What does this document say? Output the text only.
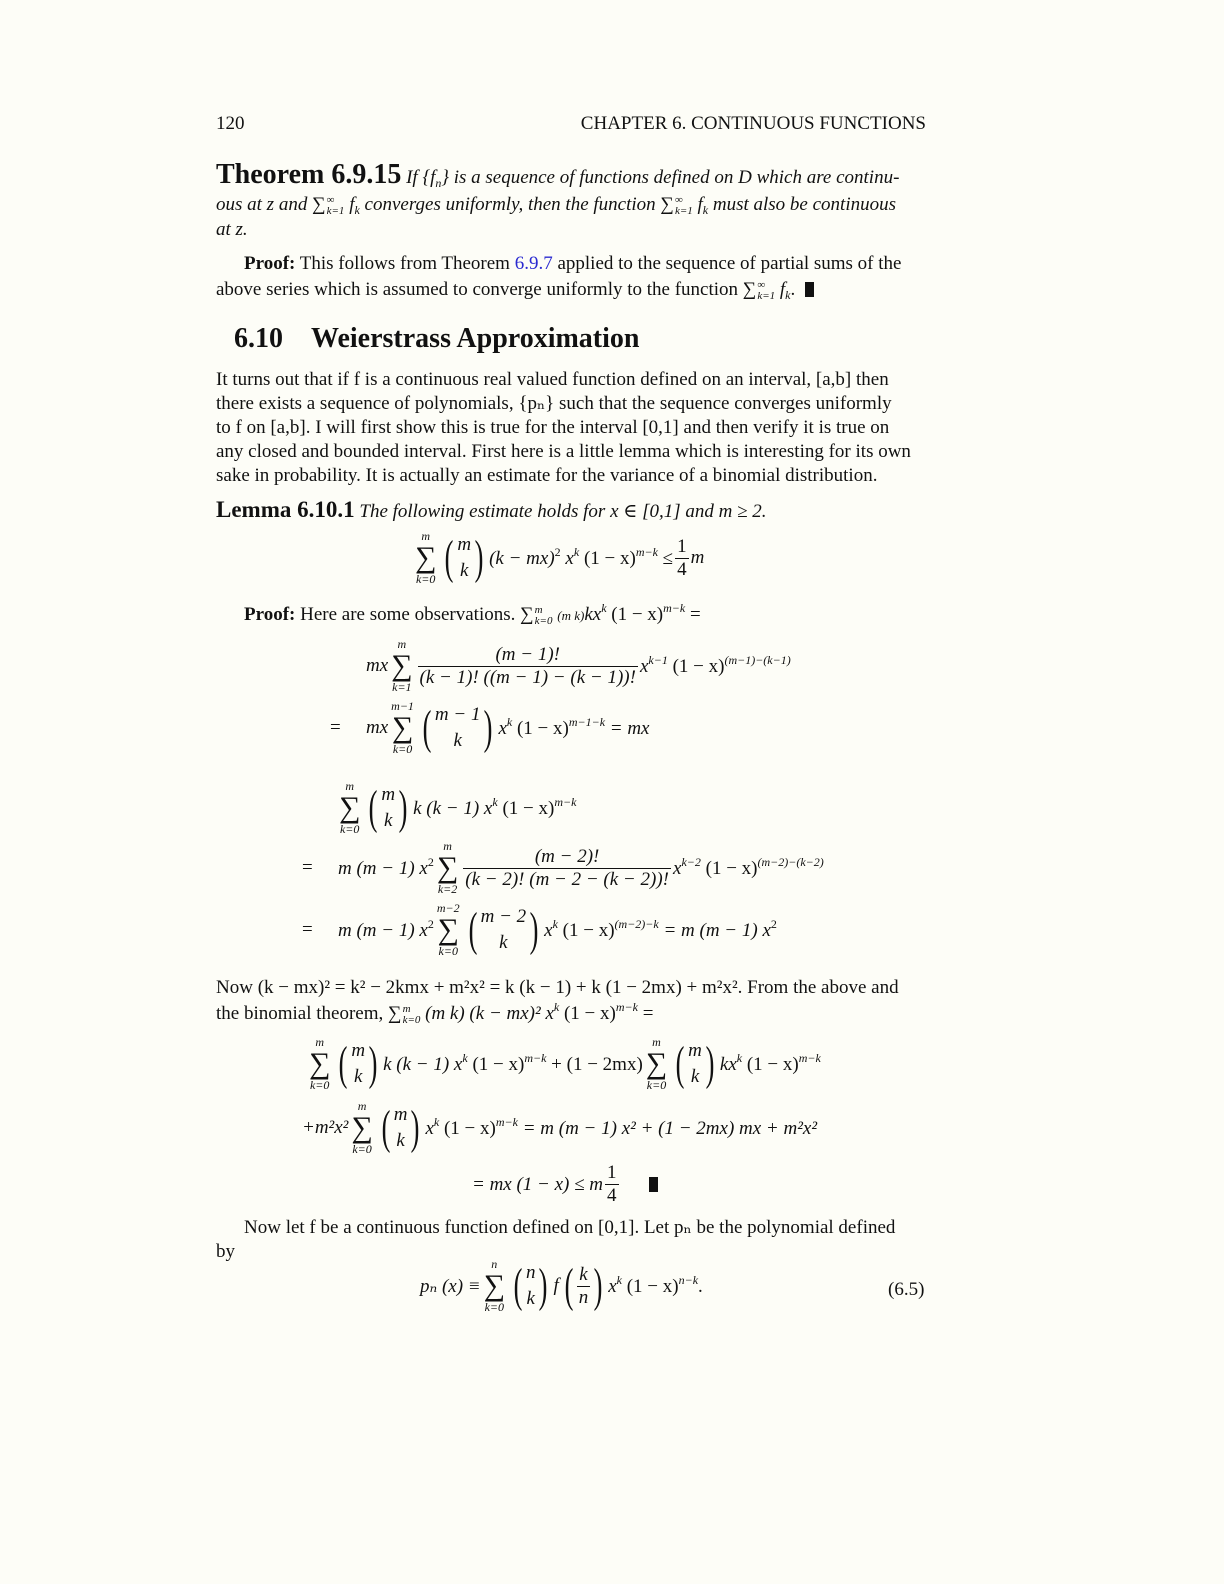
120	CHAPTER 6. CONTINUOUS FUNCTIONS
Theorem 6.9.15 If $\{f_n\}$ is a sequence of functions defined on D which are continu-
ous at z and ∑ ∞
k=1 $f_k$ converges uniformly, then the function ∑ ∞
k=1 $f_k$ must also be continuous
at z.
Proof: This follows from Theorem 6.9.7 applied to the sequence of partial sums of the
above series which is assumed to converge uniformly to the function ∑ ∞
k=1 $f_k$.
6.10 Weierstrass Approximation
It turns out that if f is a continuous real valued function defined on an interval, [a,b] then
there exists a sequence of polynomials, {pₙ} such that the sequence converges uniformly
to f on [a,b]. I will first show this is true for the interval [0,1] and then verify it is true on
any closed and bounded interval. First here is a little lemma which is interesting for its own
sake in probability. It is actually an estimate for the variance of a binomial distribution.
Lemma 6.10.1 The following estimate holds for x ∈ [0,1] and m ≥ 2.
m
∑
k=0 ( m
k ) (k − mx)$^2$ $x^k$ $(1 - x)^{m-k} \le \frac{1}{4}$ m
Proof: Here are some observations. ∑ m
k=0 (m $k)kx^k$ $(1 - x)^{m-k}$ =
mx
m
∑
k=1
(m − 1)!
(k − 1)! ((m − 1) − (k − 1))! $x^{k-1}$ $(1 - x)^{(m-1)-(k-1)}$
=	mx
m−1
∑
k=0 ( m − 1
k ) $x^k$ $(1 - x)^{m-1-k}$ = mx
m
∑
k=0 ( m
k ) k (k − 1) $x^k$ $(1 - x)^{m-k}$
=	m (m − 1) $x^2$
m
∑
k=2
(m − 2)!
(k − 2)! (m − 2 − (k − 2))! $x^{k-2}$ $(1 - x)^{(m-2)-(k-2)}$
=	m (m − 1) $x^2$
m−2
∑
k=0 ( m − 2
k ) $x^k$ $(1 - x)^{(m-2)-k} = m$ (m − 1) $x^2$
Now (k − mx)² = k² − 2kmx + m²x² = k (k − 1) + k (1 − 2mx) + m²x². From the above and
the binomial theorem, ∑ m
k=0 (m k) (k − mx)² $x^k$ $(1 - x)^{m-k}$ =
m
∑
k=0 ( m
k ) k (k − 1) $x^k$ $(1 - x)^{m-k} + (1 - 2mx)$
m
∑
k=0 ( m
k ) $kx^k$ $(1 - x)^{m-k}$
+m²x²
m
∑
k=0 ( m
k ) $x^k$ $(1 - x)^{m-k} = m$ (m − 1) x² + (1 − 2mx) mx + m²x²
= mx (1 − x) ≤ m
1
4
Now let f be a continuous function defined on [0,1]. Let pₙ be the polynomial defined
by
pₙ (x) ≡
n
∑
k=0 ( n
k ) f ( k
n ) $x^k$ $(1 - x)^{n-k}$.	(6.5)
